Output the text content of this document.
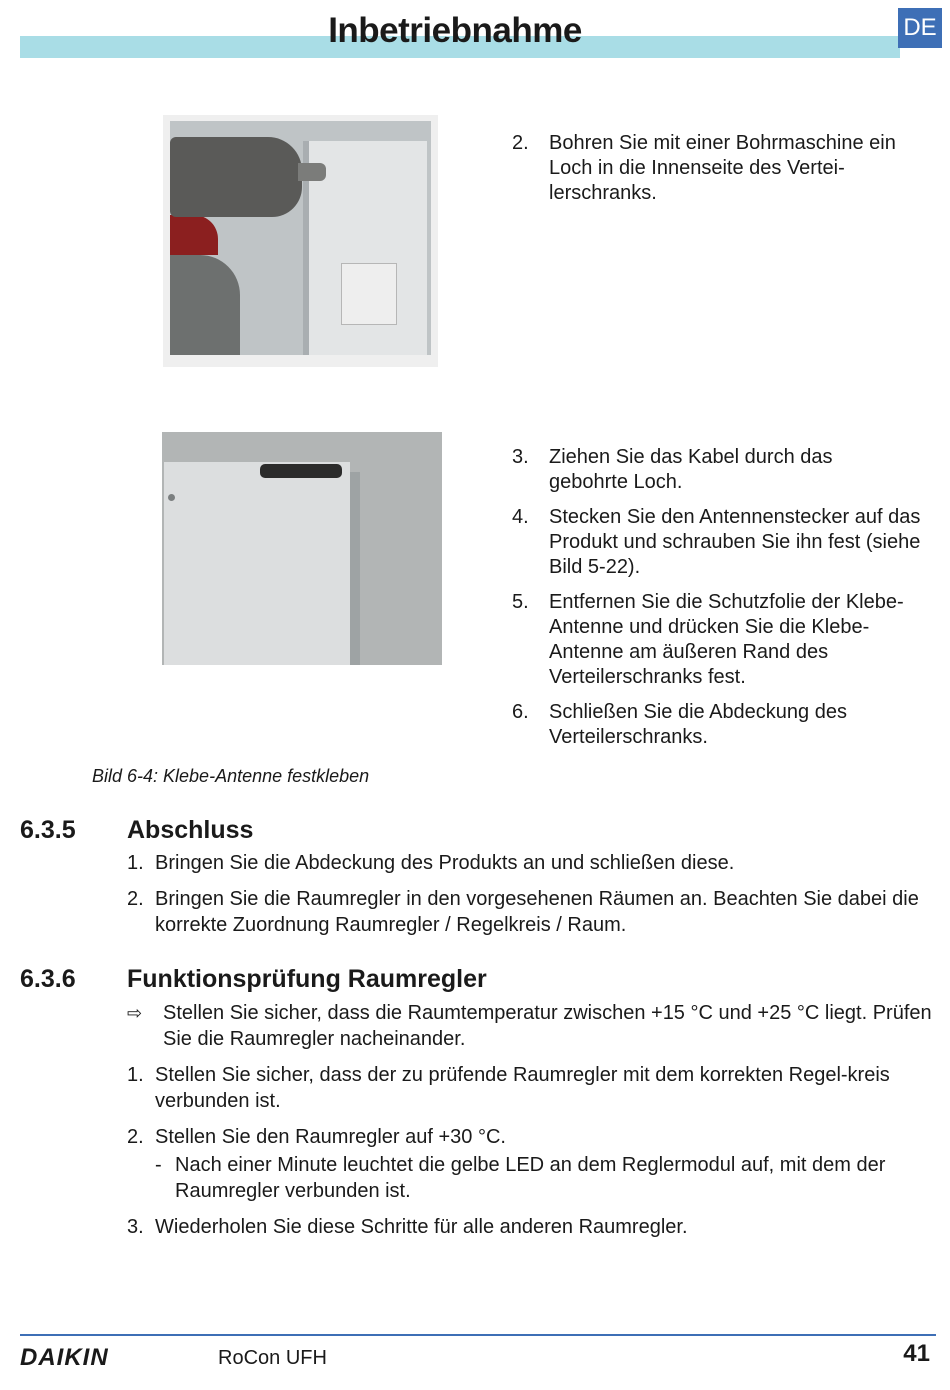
Inbetriebnahme	DE
2.	Bohren Sie mit einer Bohrmaschine ein Loch in die Innenseite des Vertei-lerschranks.
3.	Ziehen Sie das Kabel durch das gebohrte Loch.
4.	Stecken Sie den Antennenstecker auf das Produkt und schrauben Sie ihn fest (siehe Bild 5-22).
5.	Entfernen Sie die Schutzfolie der Klebe-Antenne und drücken Sie die Klebe-Antenne am äußeren Rand des Verteilerschranks fest.
6.	Schließen Sie die Abdeckung des Verteilerschranks.
Bild 6-4: Klebe-Antenne festkleben
6.3.5 Abschluss
1. Bringen Sie die Abdeckung des Produkts an und schließen diese.
2. Bringen Sie die Raumregler in den vorgesehenen Räumen an. Beachten Sie dabei die korrekte Zuordnung Raumregler / Regelkreis / Raum.
6.3.6 Funktionsprüfung Raumregler
⇨	Stellen Sie sicher, dass die Raumtemperatur zwischen +15 °C und +25 °C liegt. Prüfen Sie die Raumregler nacheinander.
1. Stellen Sie sicher, dass der zu prüfende Raumregler mit dem korrekten Regel-kreis verbunden ist.
2. Stellen Sie den Raumregler auf +30 °C.
- Nach einer Minute leuchtet die gelbe LED an dem Reglermodul auf, mit dem der Raumregler verbunden ist.
3. Wiederholen Sie diese Schritte für alle anderen Raumregler.
DAIKIN	RoCon UFH	41
